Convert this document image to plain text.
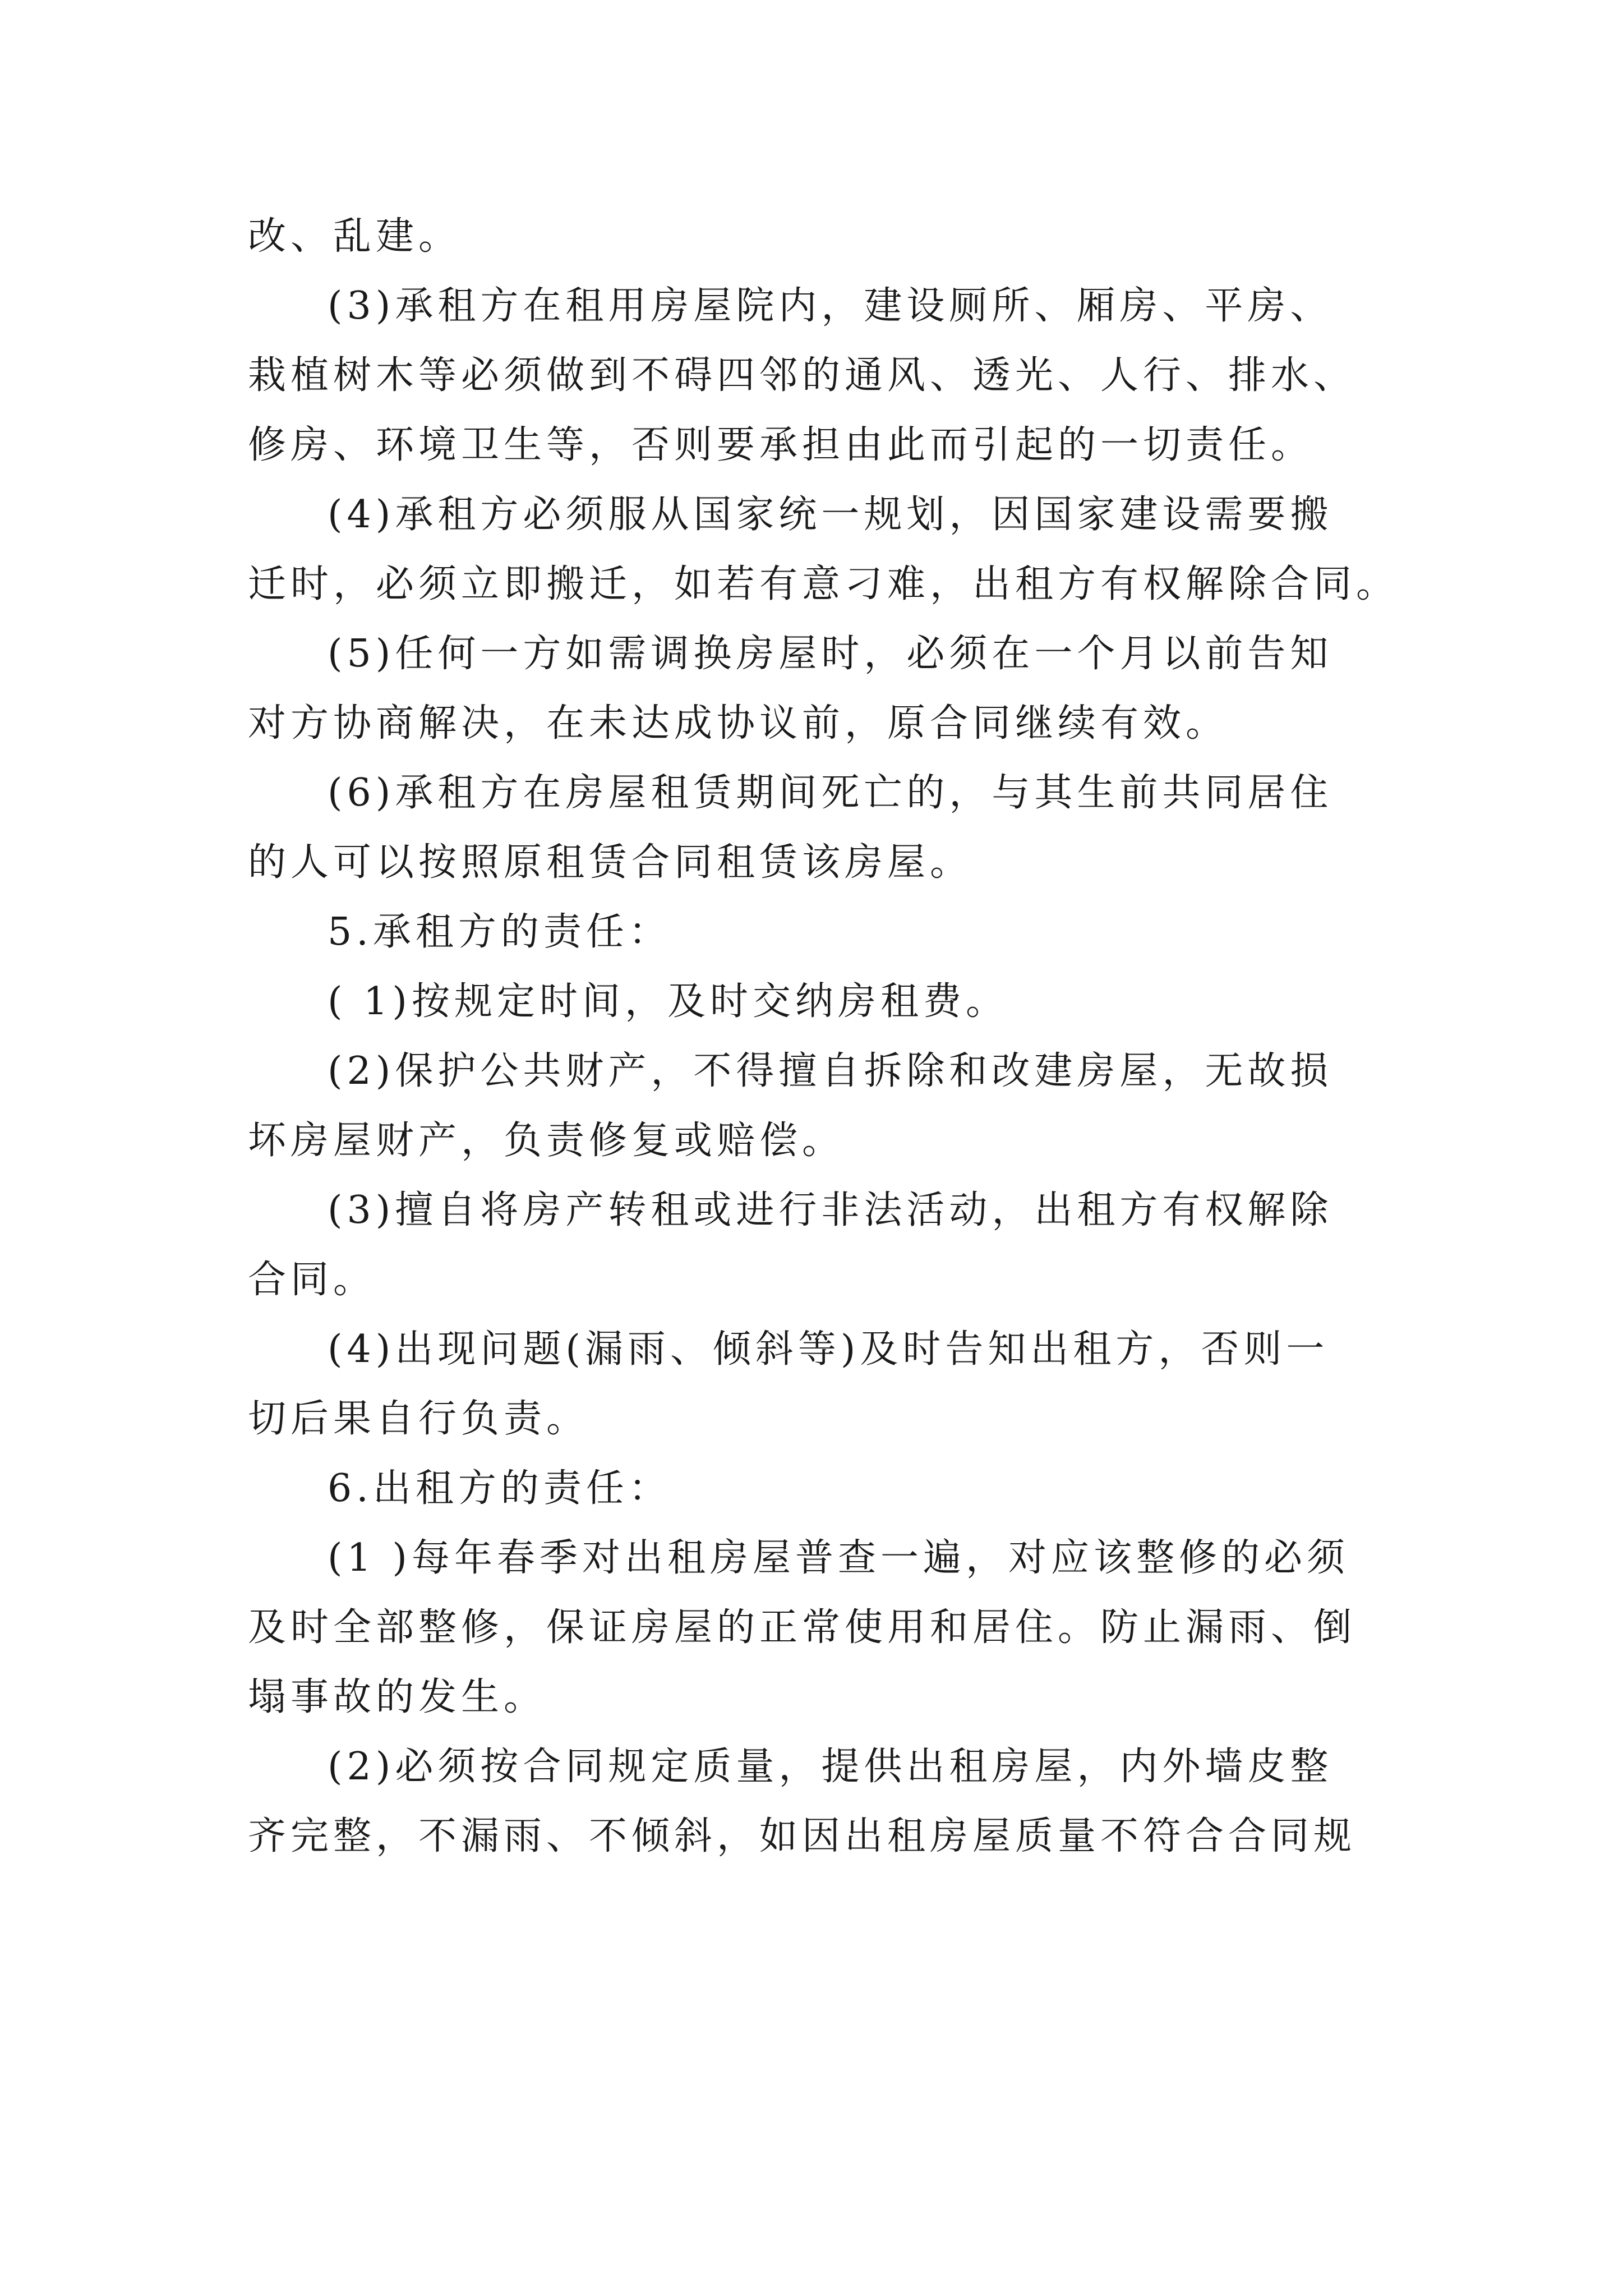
改、乱建。

(3)承租方在租用房屋院内，建设厕所、厢房、平房、
栽植树木等必须做到不碍四邻的通风、透光、人行、排水、
修房、环境卫生等，否则要承担由此而引起的一切责任。

(4)承租方必须服从国家统一规划，因国家建设需要搬
迁时，必须立即搬迁，如若有意刁难，出租方有权解除合同。

(5)任何一方如需调换房屋时，必须在一个月以前告知
对方协商解决，在未达成协议前，原合同继续有效。

(6)承租方在房屋租赁期间死亡的，与其生前共同居住
的人可以按照原租赁合同租赁该房屋。

5.承租方的责任：

( 1)按规定时间，及时交纳房租费。

(2)保护公共财产，不得擅自拆除和改建房屋，无故损
坏房屋财产，负责修复或赔偿。

(3)擅自将房产转租或进行非法活动，出租方有权解除
合同。

(4)出现问题(漏雨、倾斜等)及时告知出租方，否则一
切后果自行负责。

6.出租方的责任：

(1 )每年春季对出租房屋普查一遍，对应该整修的必须
及时全部整修，保证房屋的正常使用和居住。防止漏雨、倒
塌事故的发生。

(2)必须按合同规定质量，提供出租房屋，内外墙皮整
齐完整，不漏雨、不倾斜，如因出租房屋质量不符合合同规
